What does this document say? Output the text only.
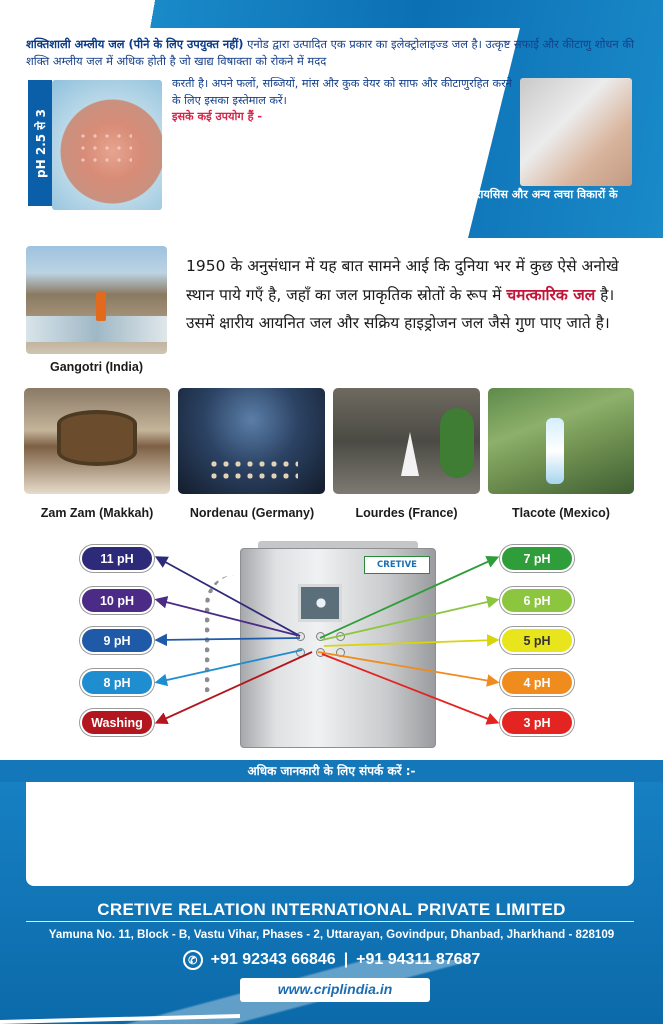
शक्तिशाली अम्लीय जल (पीने के लिए उपयुक्त नहीं) एनोड द्वारा उत्पादित एक प्रकार का इलेक्ट्रोलाइज्ड जल है। उत्कृष्ट सफाई और कीटाणु शोधन की शक्ति अम्लीय जल में अधिक होती है जो खाद्य विषाक्ता को रोकने में मदद
pH 2.5 से 3
करती है। अपने फलों, सब्जियों, मांस और कुक वेयर को साफ और कीटाणुरहित करने के लिए इसका इस्तेमाल करें।
इसके कई उपयोग हैं -
• अपने हाथों को कीटाणुरहित और सैनिटाइज करने के लिए
• अपनी त्वचा को साफ और घावों की ड्रेसिंग करने के लिए
• दुर्गंध को खत्म करने के लिए
दक्षिण कोरिया के कई अस्पतालों और डॉक्टरों ने एथलीट फुट, एक्जिमा, सोरायसिस और अन्य त्वचा विकारों के इलाज के लिए प्रबल अम्लीय जल का उपयोग किया है।
Gangotri (India)
1950 के अनुसंधान में यह बात सामने आई कि दुनिया भर में कुछ ऐसे अनोखे स्थान पाये गएँ है, जहाँ का जल प्राकृतिक स्रोतों के रूप में चमत्कारिक जल है। उसमें क्षारीय आयनित जल और सक्रिय हाइड्रोजन जल जैसे गुण पाए जाते है।
Zam Zam (Makkah)	Nordenau (Germany)	Lourdes (France)	Tlacote (Mexico)
CRETIVE
11 pH
10 pH
9 pH
8 pH
Washing
7 pH
6 pH
5 pH
4 pH
3 pH
अधिक जानकारी के लिए संपर्क करें :-
CRETIVE RELATION INTERNATIONAL PRIVATE LIMITED
Yamuna No. 11, Block - B, Vastu Vihar, Phases - 2, Uttarayan, Govindpur, Dhanbad, Jharkhand - 828109
✆ +91 92343 66846 | +91 94311 87687
www.criplindia.in
